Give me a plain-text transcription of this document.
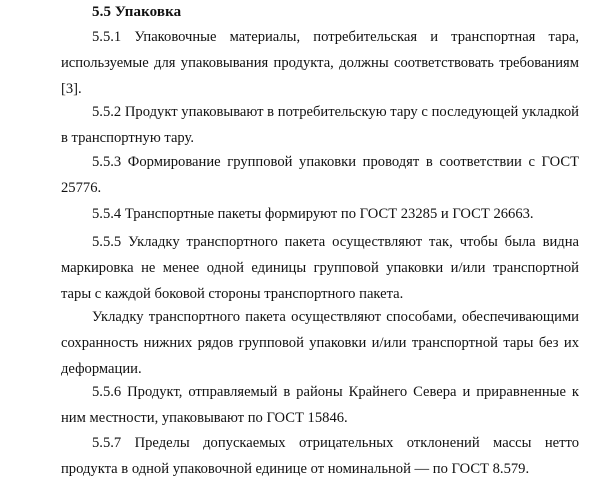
5.5 Упаковка

5.5.1 Упаковочные материалы, потребительская и транспортная тара, используемые для упаковывания продукта, должны соответствовать требованиям [3].

5.5.2 Продукт упаковывают в потребительскую тару с последующей укладкой в транспортную тару.

5.5.3 Формирование групповой упаковки проводят в соответствии с ГОСТ 25776.

5.5.4 Транспортные пакеты формируют по ГОСТ 23285 и ГОСТ 26663.

5.5.5 Укладку транспортного пакета осуществляют так, чтобы была видна маркировка не менее одной единицы групповой упаковки и/или транспортной тары с каждой боковой стороны транспортного пакета.

Укладку транспортного пакета осуществляют способами, обеспечивающими сохранность нижних рядов групповой упаковки и/или транспортной тары без их деформации.

5.5.6 Продукт, отправляемый в районы Крайнего Севера и приравненные к ним местности, упаковывают по ГОСТ 15846.

5.5.7 Пределы допускаемых отрицательных отклонений массы нетто продукта в одной упаковочной единице от номинальной — по ГОСТ 8.579.
